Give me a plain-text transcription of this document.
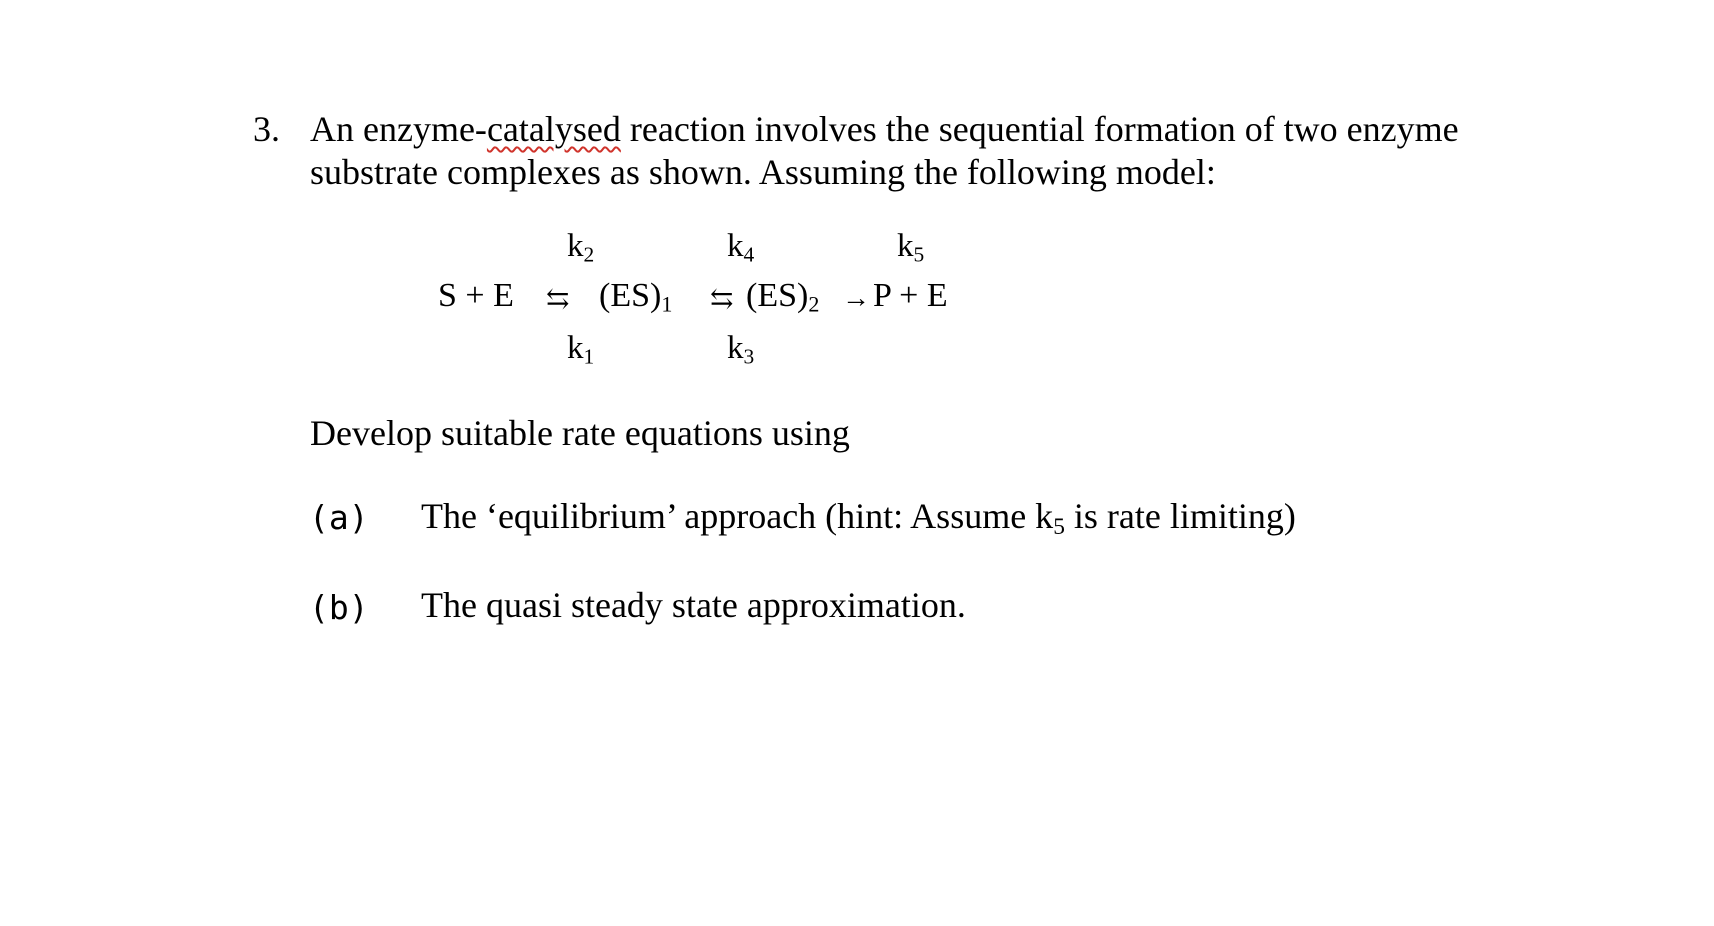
3. An enzyme-catalysed reaction involves the sequential formation of two enzyme
substrate complexes as shown. Assuming the following model:
$k_2$	$k_4$	$k_5$
S + E ⇆ $(ES)_1$ ⇆ $(ES)_2 \to P + E$
$k_1$	$k_3$
Develop suitable rate equations using
(a) The ‘equilibrium’ approach (hint: Assume $k_5$ is rate limiting)
(b) The quasi steady state approximation.
